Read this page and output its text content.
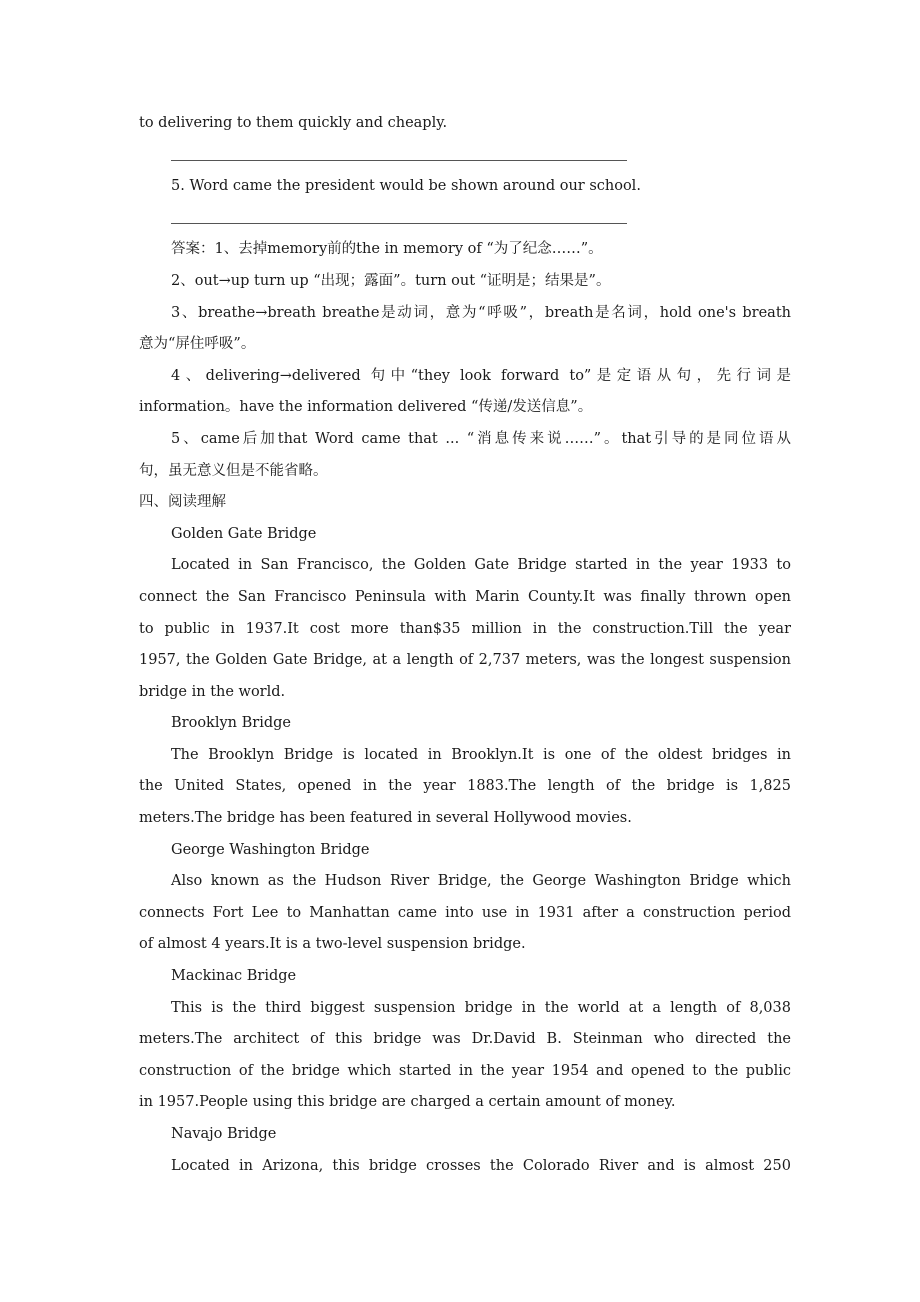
to delivering to them quickly and cheaply.
5. Word came the president would be shown around our school.
答案：1、去掉memory前的the in memory of “为了纪念……”。
2、out→up turn up “出现；露面”。turn out “证明是；结果是”。
3、breathe→breath breathe是动词，意为“呼吸”，breath是名词，hold one's breath
意为“屏住呼吸”。
4、delivering→delivered 句中“they look forward to”是定语从句，先行词是
information。have the information delivered “传递/发送信息”。
5、came后加that Word came that ... “消息传来说……”。that引导的是同位语从
句，虽无意义但是不能省略。
四、阅读理解
Golden Gate Bridge
Located in San Francisco, the Golden Gate Bridge started in the year 1933 to
connect the San Francisco Peninsula with Marin County.It was finally thrown open
to public in 1937.It cost more than$35 million in the construction.Till the year
1957, the Golden Gate Bridge, at a length of 2,737 meters, was the longest suspension
bridge in the world.
Brooklyn Bridge
The Brooklyn Bridge is located in Brooklyn.It is one of the oldest bridges in
the United States, opened in the year 1883.The length of the bridge is 1,825
meters.The bridge has been featured in several Hollywood movies.
George Washington Bridge
Also known as the Hudson River Bridge, the George Washington Bridge which
connects Fort Lee to Manhattan came into use in 1931 after a construction period
of almost 4 years.It is a two-level suspension bridge.
Mackinac Bridge
This is the third biggest suspension bridge in the world at a length of 8,038
meters.The architect of this bridge was Dr.David B. Steinman who directed the
construction of the bridge which started in the year 1954 and opened to the public
in 1957.People using this bridge are charged a certain amount of money.
Navajo Bridge
Located in Arizona, this bridge crosses the Colorado River and is almost 250
